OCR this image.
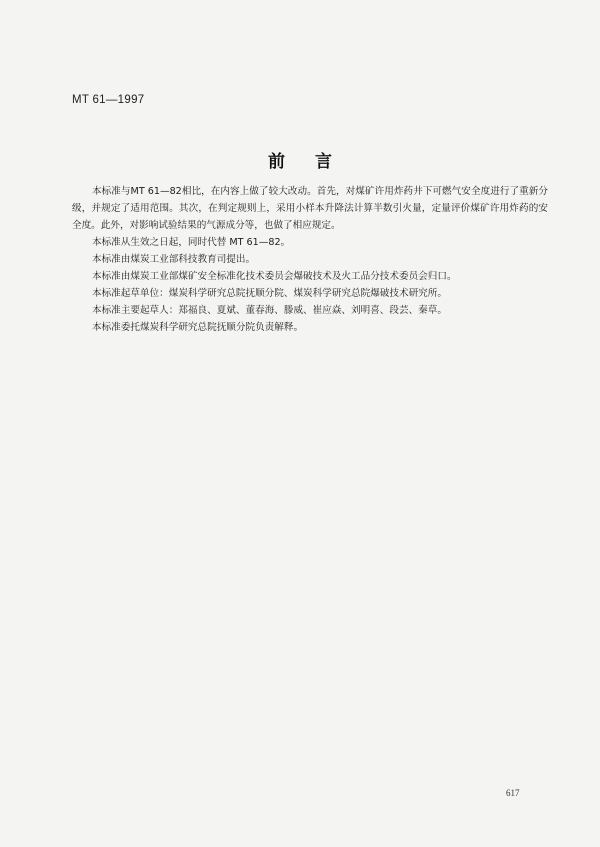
MT 61—1997
前言

本标准与MT 61—82相比，在内容上做了较大改动。首先，对煤矿许用炸药井下可燃气安全度进行了重新分级，并规定了适用范围。其次，在判定规则上，采用小样本升降法计算半数引火量，定量评价煤矿许用炸药的安全度。此外，对影响试验结果的气源成分等，也做了相应规定。

本标准从生效之日起，同时代替 MT 61—82。

本标准由煤炭工业部科技教育司提出。

本标准由煤炭工业部煤矿安全标准化技术委员会爆破技术及火工品分技术委员会归口。

本标准起草单位：煤炭科学研究总院抚顺分院、煤炭科学研究总院爆破技术研究所。

本标准主要起草人：郑福良、夏斌、董春海、滕威、崔应焱、刘明喜、段芸、秦草。

本标准委托煤炭科学研究总院抚顺分院负责解释。

617
